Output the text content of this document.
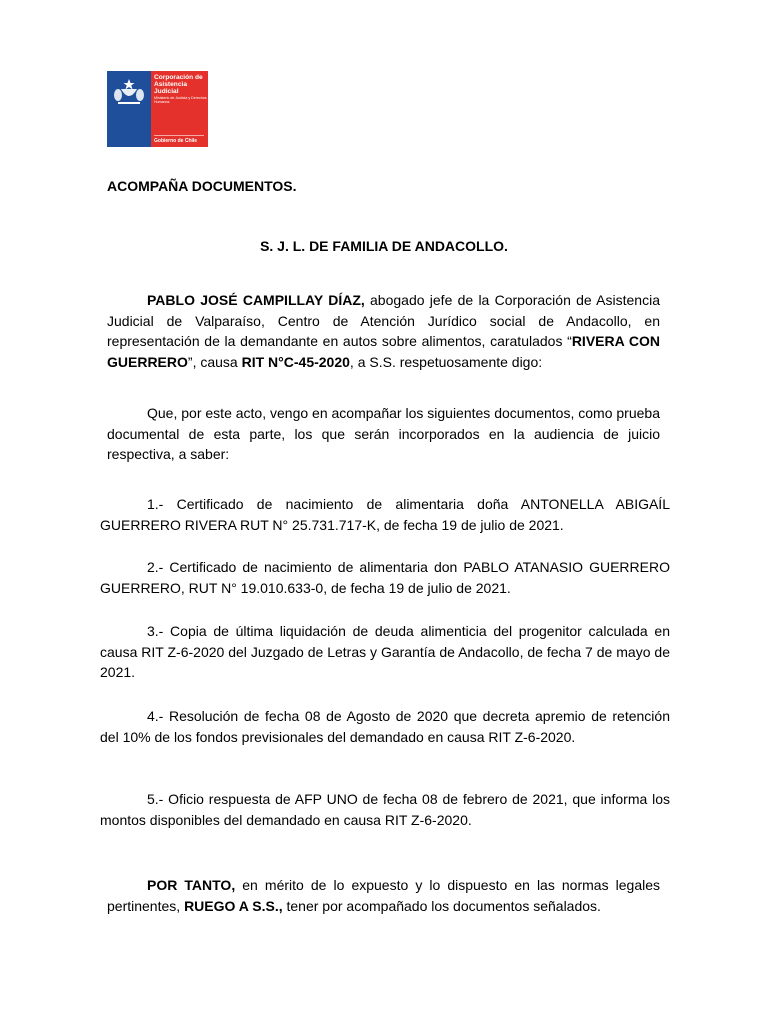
Corporación de Asistencia Judicial
Ministerio de Justicia y Derechos Humanos
Gobierno de Chile
ACOMPAÑA DOCUMENTOS.
S. J. L. DE FAMILIA DE ANDACOLLO.
PABLO JOSÉ CAMPILLAY DÍAZ, abogado jefe de la Corporación de Asistencia Judicial de Valparaíso, Centro de Atención Jurídico social de Andacollo, en representación de la demandante en autos sobre alimentos, caratulados “RIVERA CON GUERRERO”, causa RIT N°C-45-2020, a S.S. respetuosamente digo:
Que, por este acto, vengo en acompañar los siguientes documentos, como prueba documental de esta parte, los que serán incorporados en la audiencia de juicio respectiva, a saber:
1.- Certificado de nacimiento de alimentaria doña ANTONELLA ABIGAÍL GUERRERO RIVERA RUT N° 25.731.717-K, de fecha 19 de julio de 2021.
2.- Certificado de nacimiento de alimentaria don PABLO ATANASIO GUERRERO GUERRERO, RUT N° 19.010.633-0, de fecha 19 de julio de 2021.
3.- Copia de última liquidación de deuda alimenticia del progenitor calculada en causa RIT Z-6-2020 del Juzgado de Letras y Garantía de Andacollo, de fecha 7 de mayo de 2021.
4.- Resolución de fecha 08 de Agosto de 2020 que decreta apremio de retención del 10% de los fondos previsionales del demandado en causa RIT Z-6-2020.
5.- Oficio respuesta de AFP UNO de fecha 08 de febrero de 2021, que informa los montos disponibles del demandado en causa RIT Z-6-2020.
POR TANTO, en mérito de lo expuesto y lo dispuesto en las normas legales pertinentes, RUEGO A S.S., tener por acompañado los documentos señalados.
